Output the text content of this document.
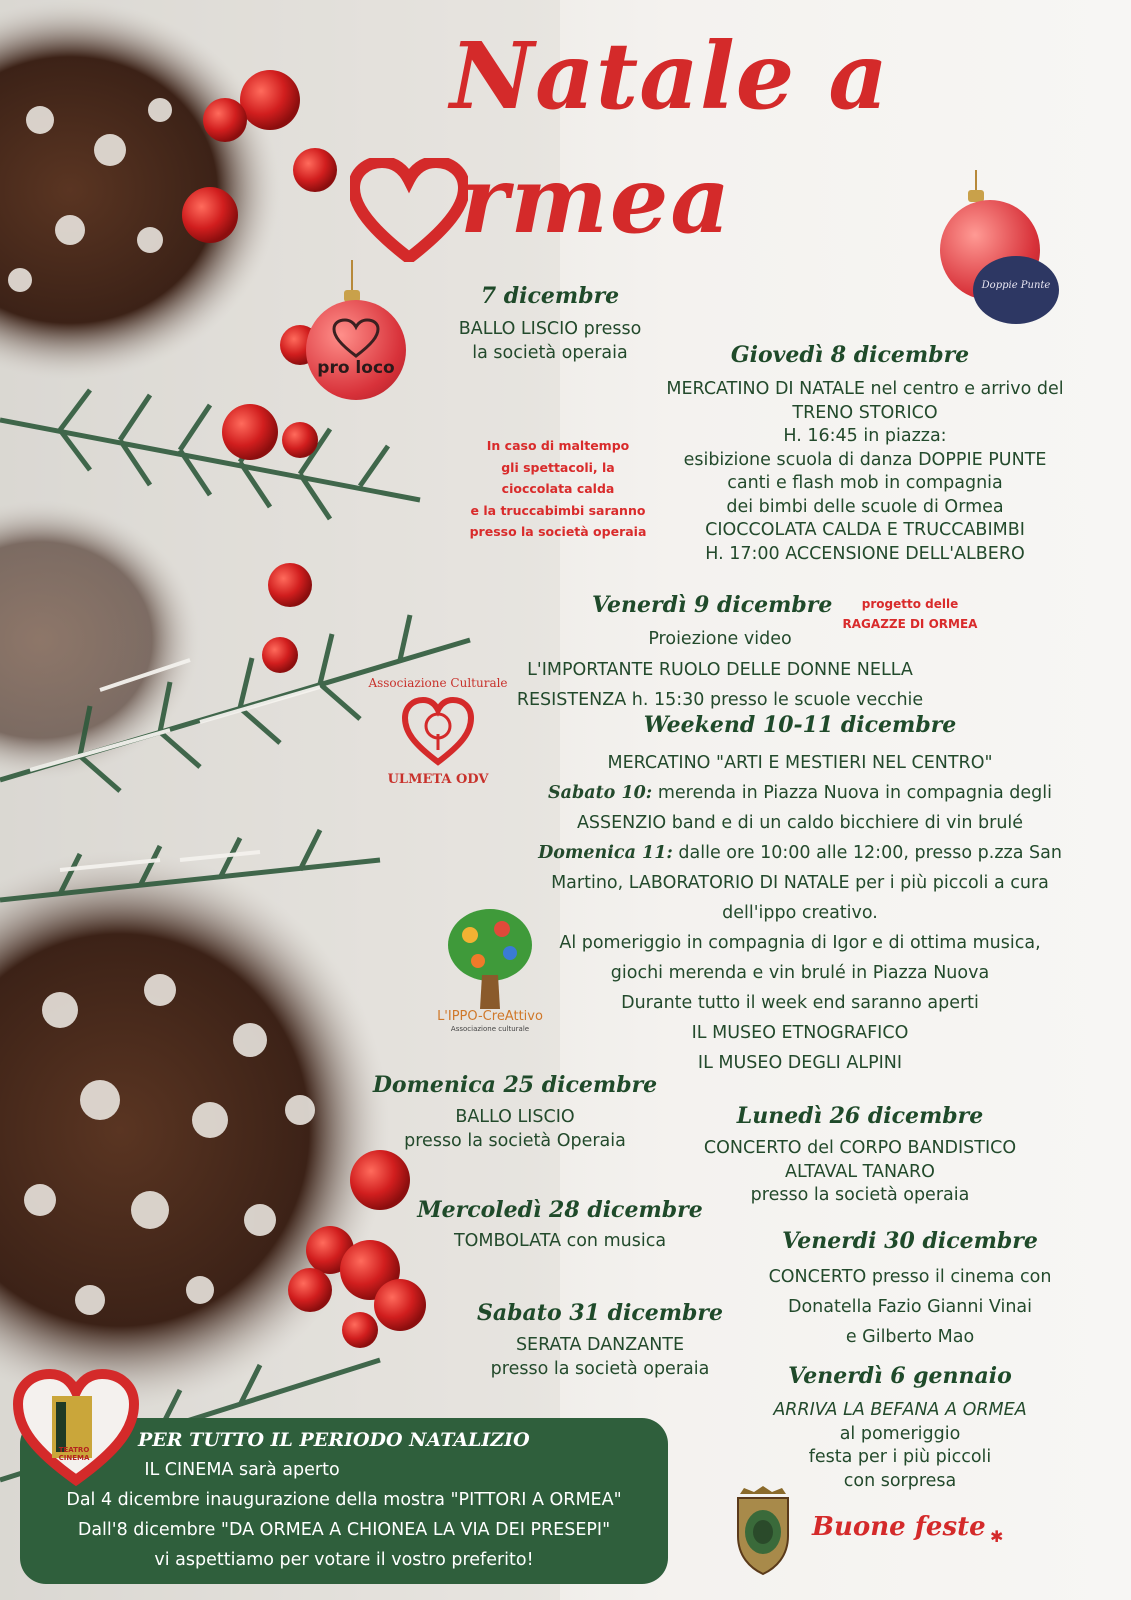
Natale a
rmea
pro loco
Doppie Punte
7 dicembre
BALLO LISCIO presso
la società operaia	Giovedì 8 dicembre
MERCATINO DI NATALE nel centro e arrivo del
TRENO STORICO
H. 16:45 in piazza:
esibizione scuola di danza DOPPIE PUNTE
canti e flash mob in compagnia
dei bimbi delle scuole di Ormea
CIOCCOLATA CALDA E TRUCCABIMBI
H. 17:00 ACCENSIONE DELL'ALBERO
In caso di maltempo
gli spettacoli, la
cioccolata calda
e la truccabimbi saranno
presso la società operaia
Venerdì 9 dicembre	progetto delle
RAGAZZE DI ORMEA
Proiezione video
L'IMPORTANTE RUOLO DELLE DONNE NELLA
RESISTENZA h. 15:30 presso le scuole vecchie
Associazione Culturale
ULMETA ODV
Weekend 10-11 dicembre
MERCATINO "ARTI E MESTIERI NEL CENTRO"
Sabato 10: merenda in Piazza Nuova in compagnia degli
ASSENZIO band e di un caldo bicchiere di vin brulé
Domenica 11: dalle ore 10:00 alle 12:00, presso p.zza San
Martino, LABORATORIO DI NATALE per i più piccoli a cura
dell'ippo creativo.
Al pomeriggio in compagnia di Igor e di ottima musica,
giochi merenda e vin brulé in Piazza Nuova
Durante tutto il week end saranno aperti
IL MUSEO ETNOGRAFICO
IL MUSEO DEGLI ALPINI
L'IPPO-CreAttivo
Associazione culturale
Domenica 25 dicembre
BALLO LISCIO
presso la società Operaia
Lunedì 26 dicembre
CONCERTO del CORPO BANDISTICO
ALTAVAL TANARO
presso la società operaia
Mercoledì 28 dicembre
TOMBOLATA con musica	Venerdi 30 dicembre
CONCERTO presso il cinema con
Donatella Fazio Gianni Vinai
e Gilberto Mao
Sabato 31 dicembre
SERATA DANZANTE
presso la società operaia	Venerdì 6 gennaio
ARRIVA LA BEFANA A ORMEA
al pomeriggio
festa per i più piccoli
con sorpresa
PER TUTTO IL PERIODO NATALIZIO
IL CINEMA sarà aperto
Dal 4 dicembre inaugurazione della mostra "PITTORI A ORMEA"
Dall'8 dicembre "DA ORMEA A CHIONEA LA VIA DEI PRESEPI"
vi aspettiamo per votare il vostro preferito!
TEATRO CINEMA
Buone feste ✱
